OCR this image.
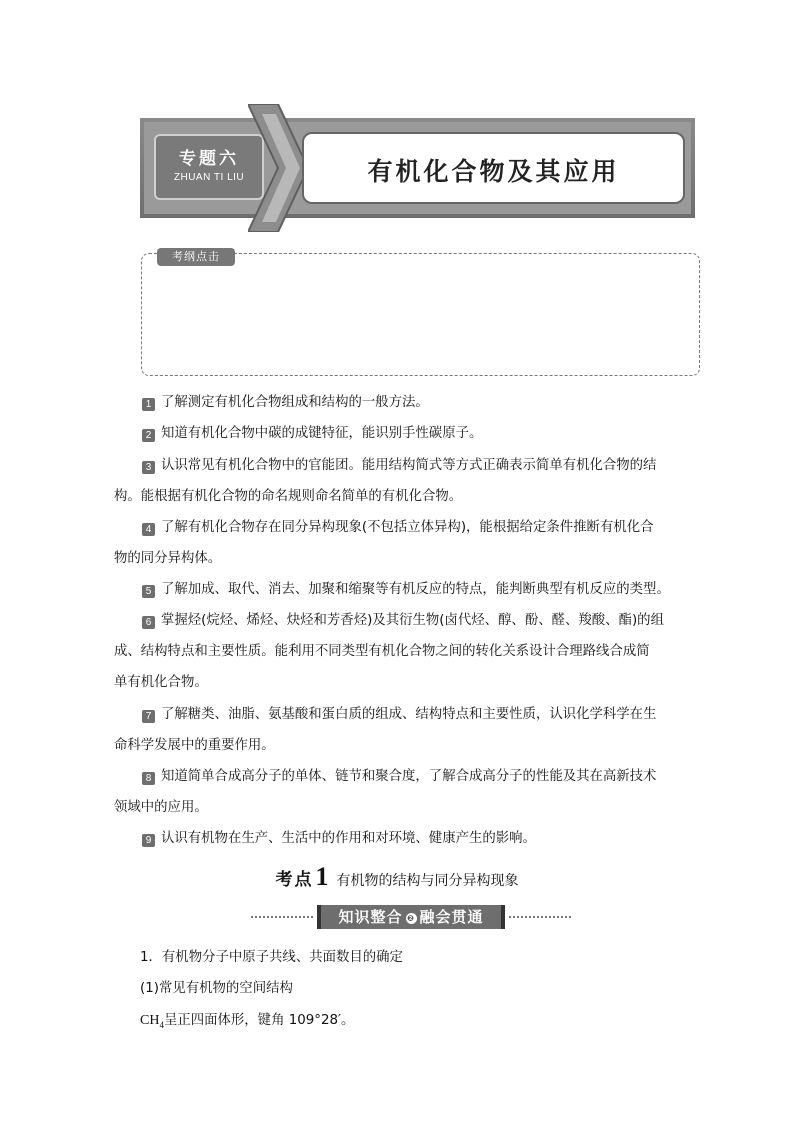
专题六
ZHUAN TI LIU	有机化合物及其应用
考纲点击
1 了解测定有机化合物组成和结构的一般方法。
2 知道有机化合物中碳的成键特征，能识别手性碳原子。
3 认识常见有机化合物中的官能团。能用结构简式等方式正确表示简单有机化合物的结
构。能根据有机化合物的命名规则命名简单的有机化合物。
4 了解有机化合物存在同分异构现象(不包括立体异构)，能根据给定条件推断有机化合
物的同分异构体。
5 了解加成、取代、消去、加聚和缩聚等有机反应的特点，能判断典型有机反应的类型。
6 掌握烃(烷烃、烯烃、炔烃和芳香烃)及其衍生物(卤代烃、醇、酚、醛、羧酸、酯)的组
成、结构特点和主要性质。能利用不同类型有机化合物之间的转化关系设计合理路线合成简
单有机化合物。
7 了解糖类、油脂、氨基酸和蛋白质的组成、结构特点和主要性质，认识化学科学在生
命科学发展中的重要作用。
8 知道简单合成高分子的单体、链节和聚合度，了解合成高分子的性能及其在高新技术
领域中的应用。
9 认识有机物在生产、生活中的作用和对环境、健康产生的影响。
考点1 有机物的结构与同分异构现象
知识整合 ❷ 融会贯通
1．有机物分子中原子共线、共面数目的确定
(1)常见有机物的空间结构
$CH_4$呈正四面体形，键角 109°28′。
